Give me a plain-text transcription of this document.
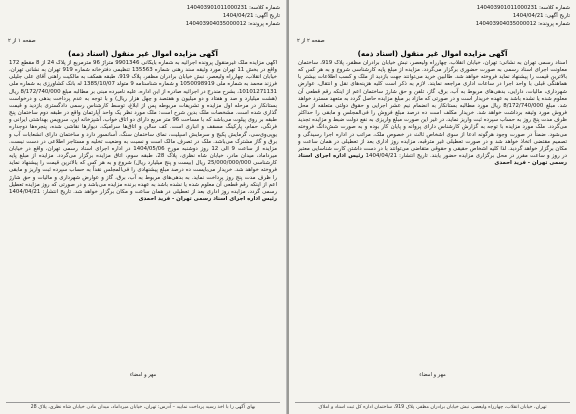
شماره کلاسه: 140403901011000231
تاریخ آگهی: 1404/04/21
شماره پرونده: 140403904035000012
صفحه ۱ از ۲
آگهی مزایده اموال غیر منقول (اسناد ذمه)
آگهی مزایده ملک غیرمنقول پرونده اجرائیه به شماره بایگانی 9901346 متراژ 96 مترمربع از پلاک 24 از 8 مقطع 172 واقع در بخش 11 تهران مورد وثیقه سند رهنی شماره 135563 تنظیمی دفترخانه شماره 919 تهران به نشانی تهران، خیابان انقلاب، چهارراه ولیعصر، نبش خیابان برادران مظفر، پلاک 919، طبقه همکف به مالکیت راهنی آقای علی جلیلی فرزند محمد به شماره ملی 1050098919 و شماره شناسنامه 9 متولد 1385/10/07 له بانک کشاورزی به شماره ملی 10101271131، بشرح مندرج در اجرائیه صادره از این اداره، علیه نامبرده مبنی بر مطالبه مبلغ 8/172/740/000 ریال (هشت میلیارد و صد و هفتاد و دو میلیون و هفتصد و چهل هزار ریال) و با توجه به عدم پرداخت بدهی و درخواست بستانکار در مرحله اول مزایده و تشریفات مربوطه پس از ابلاغ، توسط کارشناس رسمی دادگستری بازدید و قیمت گذاری شده است. مشخصات ملک بدین شرح است: ملک مورد نظر یک واحد آپارتمان واقع در طبقه دوم ساختمان پنج طبقه بر روی پیلوت می‌باشد که با مساحت 96 متر مربع دارای دو اتاق خواب، آشپزخانه اپن، سرویس بهداشتی ایرانی و فرنگی، حمام، پارکینگ مسقف و انباری است. کف سالن و اتاق‌ها سرامیک، دیوارها نقاشی شده، پنجره‌ها دوجداره یو‌پی‌وی‌سی، گرمایش پکیج و سرمایش اسپلیت، نمای ساختمان سنگ، آسانسور دارد و ساختمان دارای انشعابات آب و برق و گاز مشترک می‌باشد. ملک در تصرف مالک است و نسبت به وضعیت تخلیه و مستاجر اطلاعی در دست نیست. مزایده از ساعت 9 الی 12 روز دوشنبه مورخ 1404/05/06 در اداره اجرای اسناد رسمی تهران، واقع در خیابان میرداماد، میدان مادر، خیابان شاه نظری، پلاک 28، طبقه سوم، اتاق مزایده برگزار می‌گردد. مزایده از مبلغ پایه کارشناسی 25/000/000/000 ریال (بیست و پنج میلیارد ریال) شروع و به هر کس که بالاترین قیمت را پیشنهاد نماید فروخته خواهد شد. خریدار می‌بایست ده درصد مبلغ پیشنهادی را فی‌المجلس نقداً به حساب سپرده ثبت واریز و مابقی را ظرف مدت پنج روز پرداخت نماید. به بدهی‌های مربوط به آب، برق، گاز و عوارض شهرداری و مالیات و حق شارژ اعم از اینکه رقم قطعی آن معلوم شده یا نشده باشد به عهده برنده مزایده می‌باشد و در صورتی که روز مزایده تعطیل رسمی گردد، مزایده روز اداری بعد از تعطیلی در همان ساعت و مکان برگزار خواهد شد. تاریخ انتشار: 1404/04/21 رئیس اداره اجرای اسناد رسمی تهران - فرید احمدی
مهر و امضاء
بهای آگهی را با اخذ رسید پرداخت نمایید – آدرس: تهران، خیابان میرداماد، میدان مادر، خیابان شاه نظری، پلاک 28
شماره کلاسه: 140403901011000231
تاریخ آگهی: 1404/04/21
شماره پرونده: 140403904035000012
صفحه ۲ از ۲
آگهی مزایده اموال غیر منقول (اسناد ذمه)
اسناد رسمی تهران به نشانی: تهران، خیابان انقلاب، چهارراه ولیعصر، نبش خیابان برادران مظفر، پلاک 919، ساختمان معاونت اجرای اسناد رسمی به صورت حضوری برگزار می‌گردد. مزایده از مبلغ پایه کارشناسی شروع و به هر کس که بالاترین قیمت را پیشنهاد نماید فروخته خواهد شد. طالبین خرید می‌توانند جهت بازدید از ملک و کسب اطلاعات بیشتر با هماهنگی قبلی با واحد اجرا در ساعات اداری مراجعه نمایند. لازم به ذکر است کلیه هزینه‌های نقل و انتقال، عوارض شهرداری، مالیات، دارایی، بدهی‌های مربوط به آب، برق، گاز، تلفن و حق شارژ ساختمان اعم از اینکه رقم قطعی آن معلوم شده یا نشده باشد به عهده خریدار است و در صورتی که مازاد بر مبلغ مزایده حاصل گردد به متعهد مسترد خواهد شد. مبلغ 8/172/740/000 ریال مورد مطالبه بستانکار به انضمام نیم عشر اجرایی و حقوق دولتی متعلقه از محل فروش مورد وثیقه برداشت خواهد شد. خریدار مکلف است ده درصد مبلغ فروش را فی‌المجلس و مابقی را حداکثر ظرف مدت پنج روز به حساب سپرده ثبت واریز نماید، در غیر این صورت مبلغ واریزی به نفع دولت ضبط و مزایده تجدید می‌گردد. ملک مورد مزایده با توجه به گزارش کارشناس دارای پروانه و پایان کار بوده و به صورت شش‌دانگ فروخته می‌شود. ضمناً در صورت وجود هرگونه ادعا از سوی اشخاص ثالث در خصوص ملک، مراتب در اداره اجرا رسیدگی و تصمیم مقتضی اتخاذ خواهد شد و در صورت تعطیلی غیر مترقبه، مزایده روز اداری بعد از تعطیلی در همان ساعت و مکان برگزار خواهد گردید. لذا کلیه اشخاص حقیقی و حقوقی متقاضی می‌توانند با در دست داشتن کارت شناسایی معتبر در روز و ساعت مقرر در محل برگزاری مزایده حضور یابند. تاریخ انتشار: 1404/04/21 رئیس اداره اجرای اسناد رسمی تهران - فرید احمدی
مهر و امضاء
تهران، خیابان انقلاب، چهارراه ولیعصر، نبش خیابان برادران مظفر، پلاک 919، ساختمان اداره کل ثبت اسناد و املاک
